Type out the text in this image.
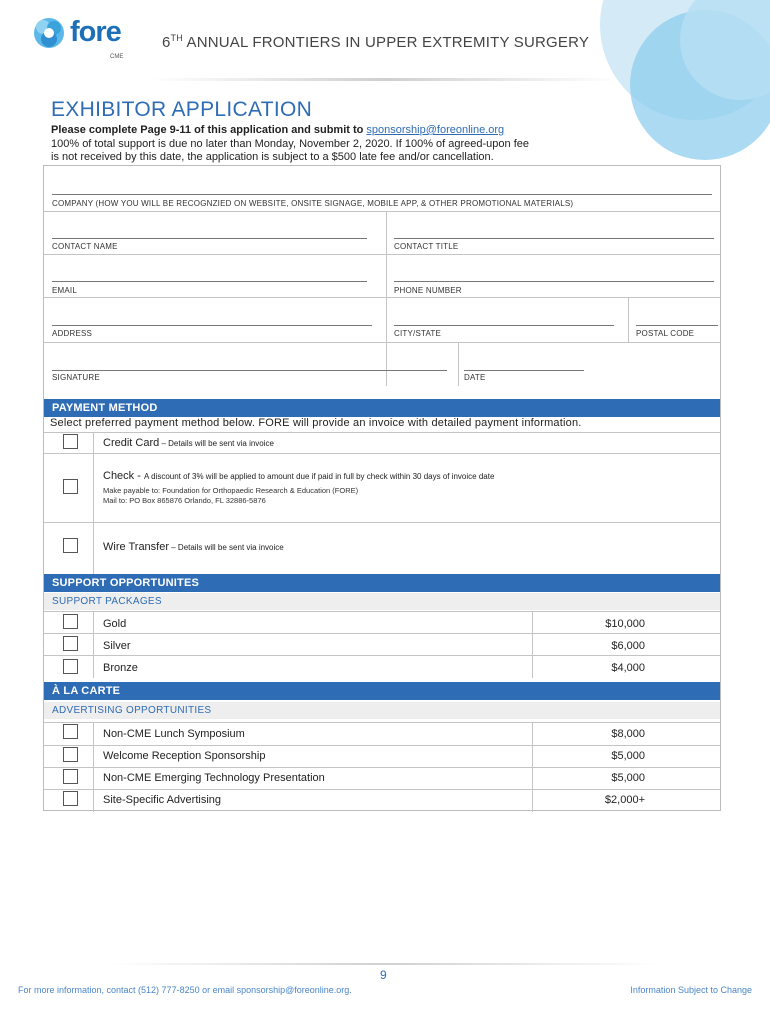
fore
CME
6TH ANNUAL FRONTIERS IN UPPER EXTREMITY SURGERY
EXHIBITOR APPLICATION
Please complete Page 9-11 of this application and submit to sponsorship@foreonline.org
100% of total support is due no later than Monday, November 2, 2020. If 100% of agreed-upon fee
is not received by this date, the application is subject to a $500 late fee and/or cancellation.
COMPANY (HOW YOU WILL BE RECOGNZIED ON WEBSITE, ONSITE SIGNAGE, MOBILE APP, & OTHER PROMOTIONAL MATERIALS)
CONTACT NAME	CONTACT TITLE
EMAIL	PHONE NUMBER
ADDRESS	CITY/STATE	POSTAL CODE
SIGNATURE	DATE
PAYMENT METHOD
Select preferred payment method below. FORE will provide an invoice with detailed payment information.
Credit Card – Details will be sent via invoice
Check - A discount of 3% will be applied to amount due if paid in full by check within 30 days of invoice date
Make payable to: Foundation for Orthopaedic Research & Education (FORE)
Mail to: PO Box 865876 Orlando, FL 32886-5876
Wire Transfer – Details will be sent via invoice
SUPPORT OPPORTUNITES
SUPPORT PACKAGES
Gold	$10,000
Silver	$6,000
Bronze	$4,000
À LA CARTE
ADVERTISING OPPORTUNITIES
Non-CME Lunch Symposium	$8,000
Welcome Reception Sponsorship	$5,000
Non-CME Emerging Technology Presentation	$5,000
Site-Specific Advertising	$2,000+
9
For more information, contact (512) 777-8250 or email sponsorship@foreonline.org.	Information Subject to Change
